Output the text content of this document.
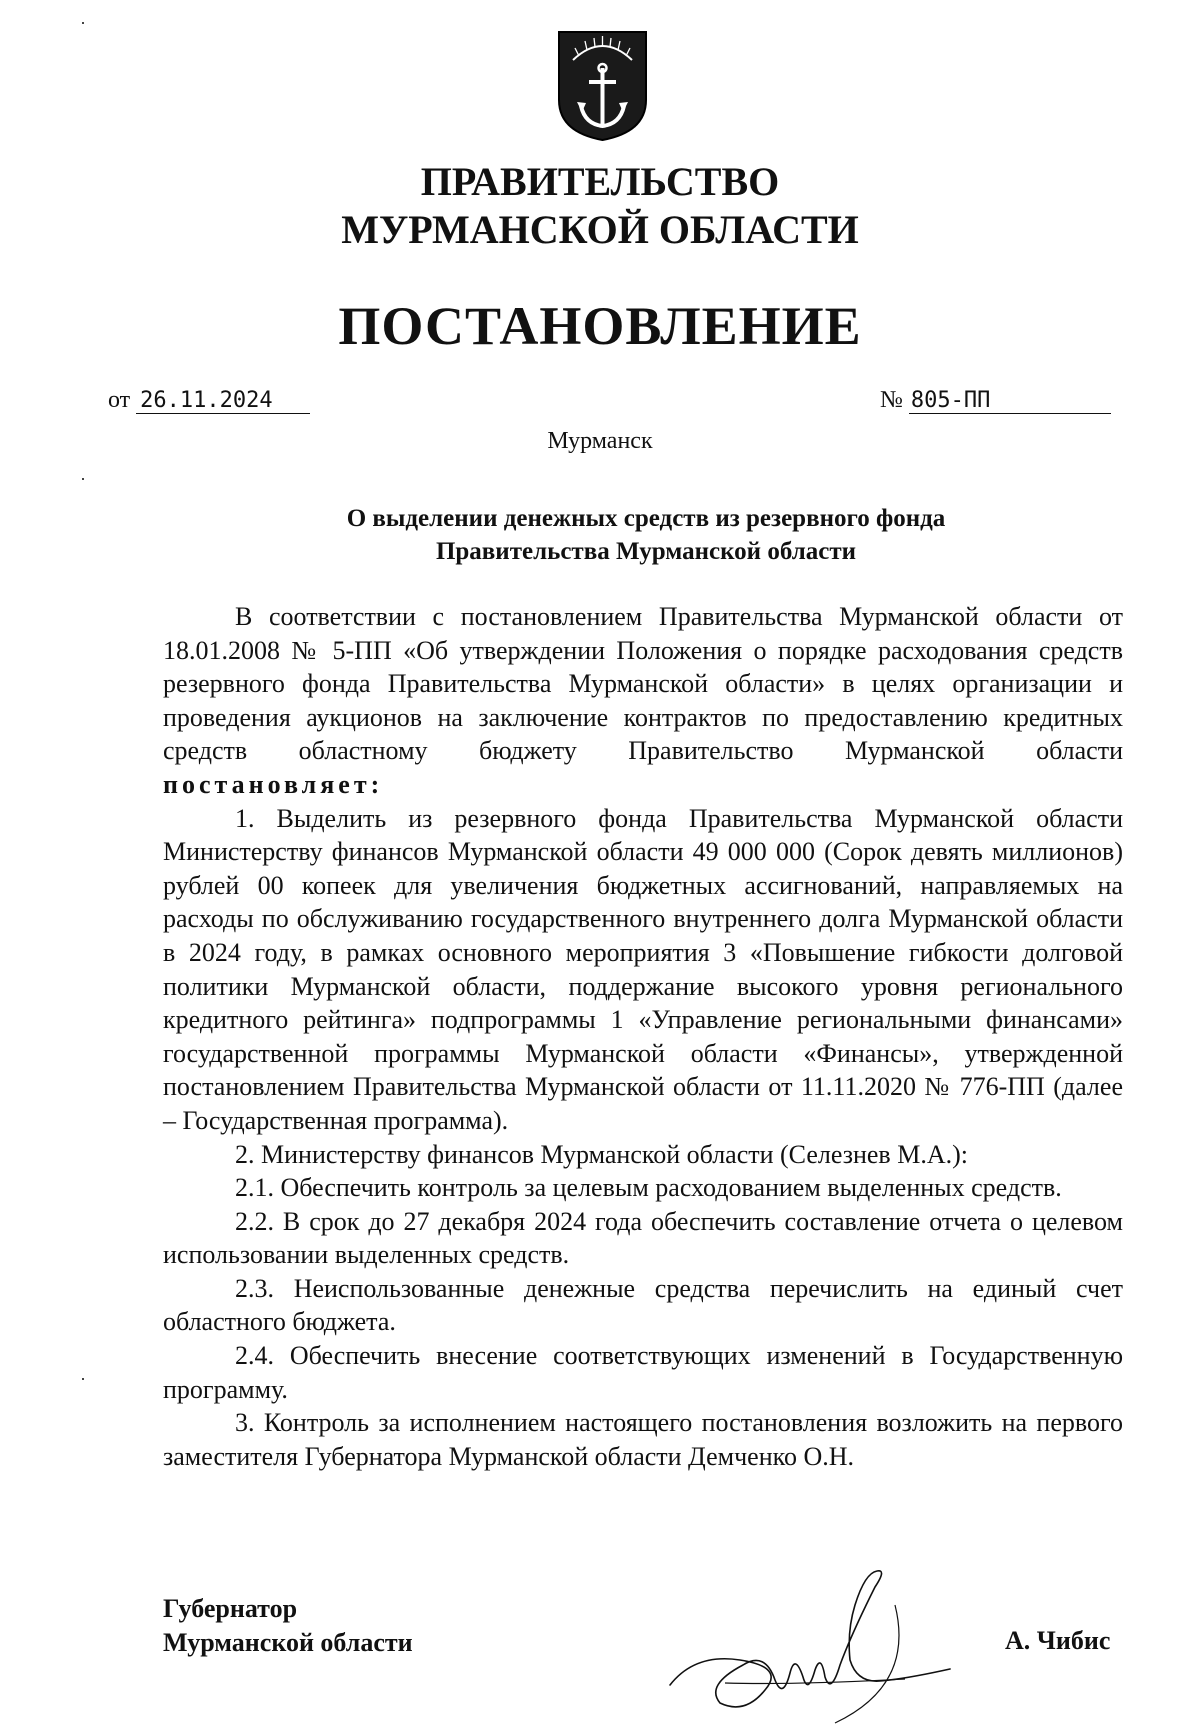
ПРАВИТЕЛЬСТВО
МУРМАНСКОЙ ОБЛАСТИ
ПОСТАНОВЛЕНИЕ
от 26.11.2024	№ 805-ПП
Мурманск
О выделении денежных средств из резервного фонда
Правительства Мурманской области

В соответствии с постановлением Правительства Мурманской области от 18.01.2008 № 5-ПП «Об утверждении Положения о порядке расходования средств резервного фонда Правительства Мурманской области» в целях организации и проведения аукционов на заключение контрактов по предоставлению кредитных средств областному бюджету Правительство Мурманской области постановляет:

1. Выделить из резервного фонда Правительства Мурманской области Министерству финансов Мурманской области 49 000 000 (Сорок девять миллионов) рублей 00 копеек для увеличения бюджетных ассигнований, направляемых на расходы по обслуживанию государственного внутреннего долга Мурманской области в 2024 году, в рамках основного мероприятия 3 «Повышение гибкости долговой политики Мурманской области, поддержание высокого уровня регионального кредитного рейтинга» подпрограммы 1 «Управление региональными финансами» государственной программы Мурманской области «Финансы», утвержденной постановлением Правительства Мурманской области от 11.11.2020 № 776-ПП (далее – Государственная программа).

2. Министерству финансов Мурманской области (Селезнев М.А.):

2.1. Обеспечить контроль за целевым расходованием выделенных средств.

2.2. В срок до 27 декабря 2024 года обеспечить составление отчета о целевом использовании выделенных средств.

2.3. Неиспользованные денежные средства перечислить на единый счет областного бюджета.

2.4. Обеспечить внесение соответствующих изменений в Государственную программу.

3. Контроль за исполнением настоящего постановления возложить на первого заместителя Губернатора Мурманской области Демченко О.Н.

Губернатор
Мурманской области	А. Чибис
